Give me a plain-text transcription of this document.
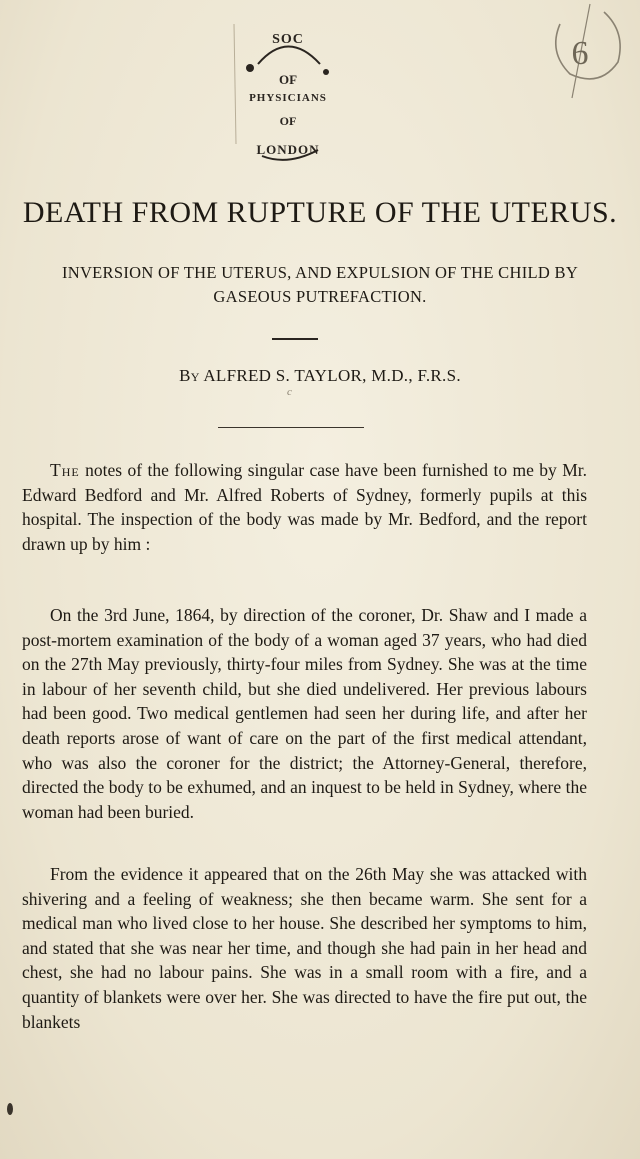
SOC
OF
PHYSICIANS
OF
LONDON
6
DEATH FROM RUPTURE OF THE UTERUS.
INVERSION OF THE UTERUS, AND EXPULSION OF THE CHILD BY GASEOUS PUTREFACTION.
By ALFRED S. TAYLOR, M.D., F.R.S.
c

The notes of the following singular case have been furnished to me by Mr. Edward Bedford and Mr. Alfred Roberts of Sydney, formerly pupils at this hospital. The inspection of the body was made by Mr. Bedford, and the report drawn up by him :

On the 3rd June, 1864, by direction of the coroner, Dr. Shaw and I made a post-mortem examination of the body of a woman aged 37 years, who had died on the 27th May previously, thirty-four miles from Sydney. She was at the time in labour of her seventh child, but she died undelivered. Her previous labours had been good. Two medical gentlemen had seen her during life, and after her death reports arose of want of care on the part of the first medical attendant, who was also the coroner for the district; the Attorney-General, therefore, directed the body to be exhumed, and an inquest to be held in Sydney, where the woman had been buried.

From the evidence it appeared that on the 26th May she was attacked with shivering and a feeling of weakness; she then became warm. She sent for a medical man who lived close to her house. She described her symptoms to him, and stated that she was near her time, and though she had pain in her head and chest, she had no labour pains. She was in a small room with a fire, and a quantity of blankets were over her. She was directed to have the fire put out, the blankets
